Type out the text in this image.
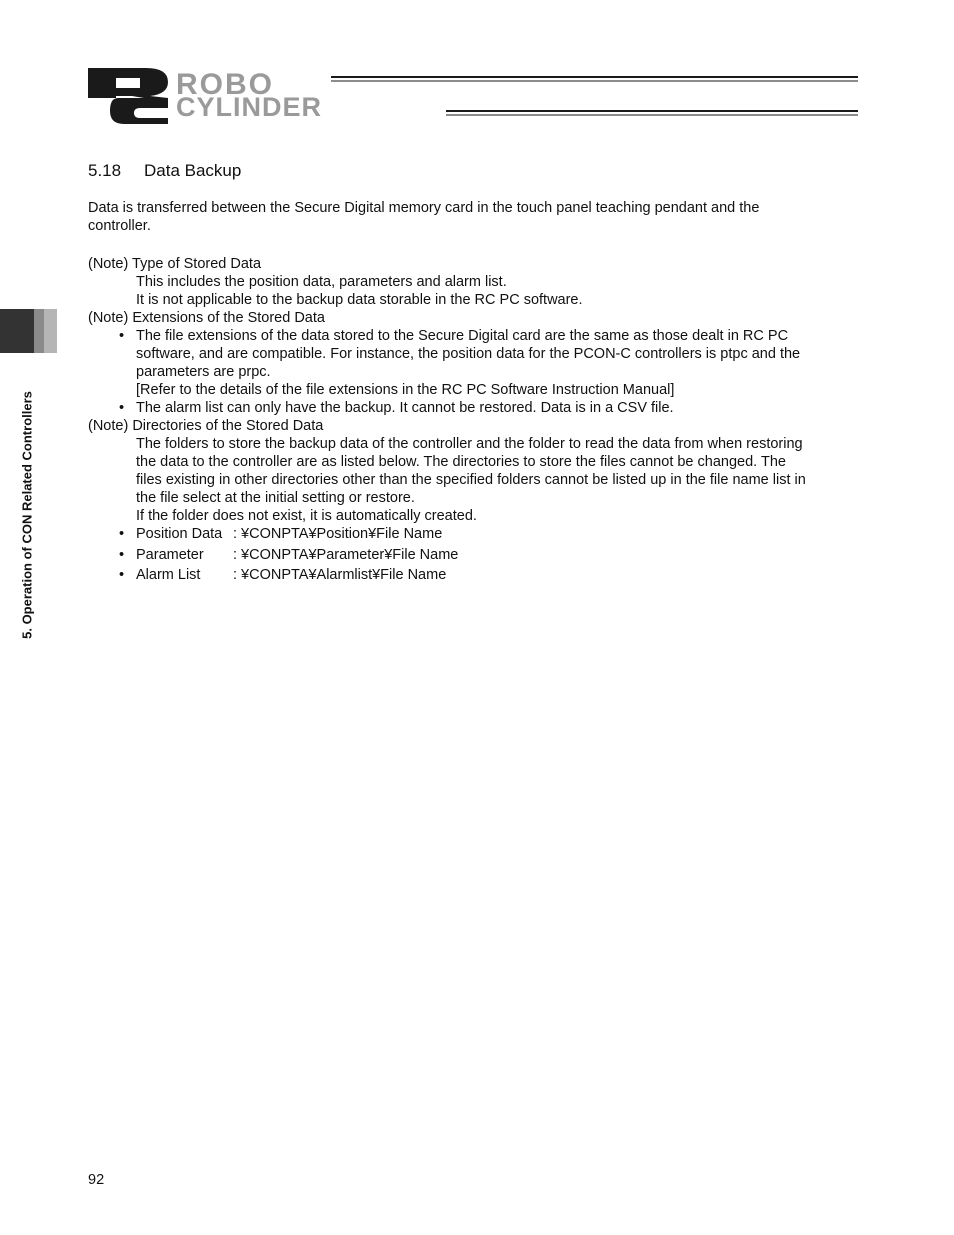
ROBO
CYLINDER
5. Operation of CON Related Controllers
5.18 Data Backup
Data is transferred between the Secure Digital memory card in the touch panel teaching pendant and the
controller.
(Note) Type of Stored Data
This includes the position data, parameters and alarm list.
It is not applicable to the backup data storable in the RC PC software.
(Note) Extensions of the Stored Data
• The file extensions of the data stored to the Secure Digital card are the same as those dealt in RC PC
software, and are compatible. For instance, the position data for the PCON-C controllers is ptpc and the
parameters are prpc.
[Refer to the details of the file extensions in the RC PC Software Instruction Manual]
• The alarm list can only have the backup. It cannot be restored. Data is in a CSV file.
(Note) Directories of the Stored Data
The folders to store the backup data of the controller and the folder to read the data from when restoring
the data to the controller are as listed below. The directories to store the files cannot be changed. The
files existing in other directories other than the specified folders cannot be listed up in the file name list in
the file select at the initial setting or restore.
If the folder does not exist, it is automatically created.
• Position Data : ¥CONPTA¥Position¥File Name
• Parameter : ¥CONPTA¥Parameter¥File Name
• Alarm List : ¥CONPTA¥Alarmlist¥File Name
92
